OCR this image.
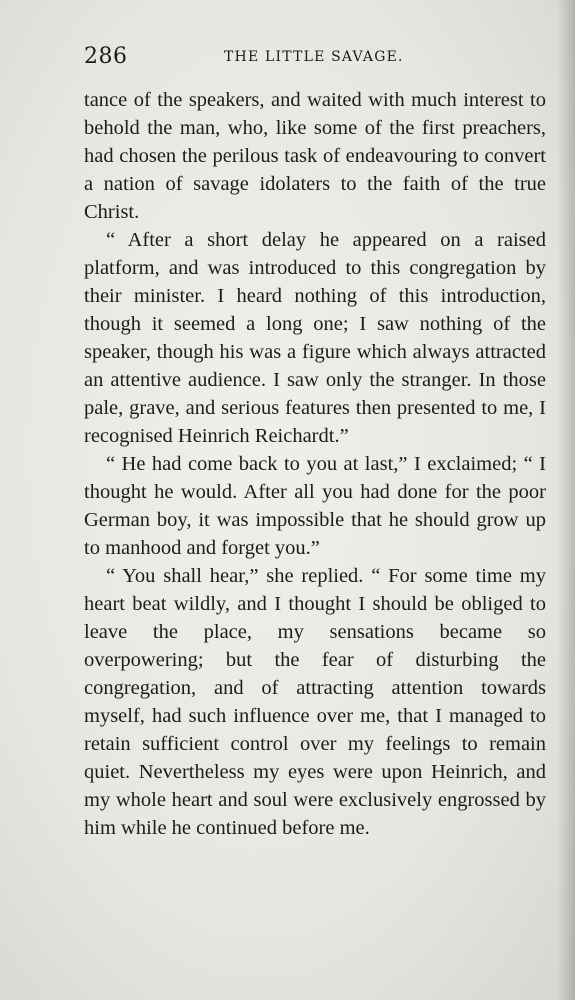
286	THE LITTLE SAVAGE.

tance of the speakers, and waited with much interest to behold the man, who, like some of the first preachers, had chosen the perilous task of endeavouring to convert a nation of savage idolaters to the faith of the true Christ.

“ After a short delay he appeared on a raised platform, and was introduced to this congregation by their minister. I heard nothing of this introduction, though it seemed a long one; I saw nothing of the speaker, though his was a figure which always attracted an attentive audience. I saw only the stranger. In those pale, grave, and serious features then presented to me, I recognised Heinrich Reichardt.”

“ He had come back to you at last,” I exclaimed; “ I thought he would. After all you had done for the poor German boy, it was impossible that he should grow up to manhood and forget you.”

“ You shall hear,” she replied. “ For some time my heart beat wildly, and I thought I should be obliged to leave the place, my sensations became so overpowering; but the fear of disturbing the congregation, and of attracting attention towards myself, had such influence over me, that I managed to retain sufficient control over my feelings to remain quiet. Nevertheless my eyes were upon Heinrich, and my whole heart and soul were exclusively engrossed by him while he continued before me.
